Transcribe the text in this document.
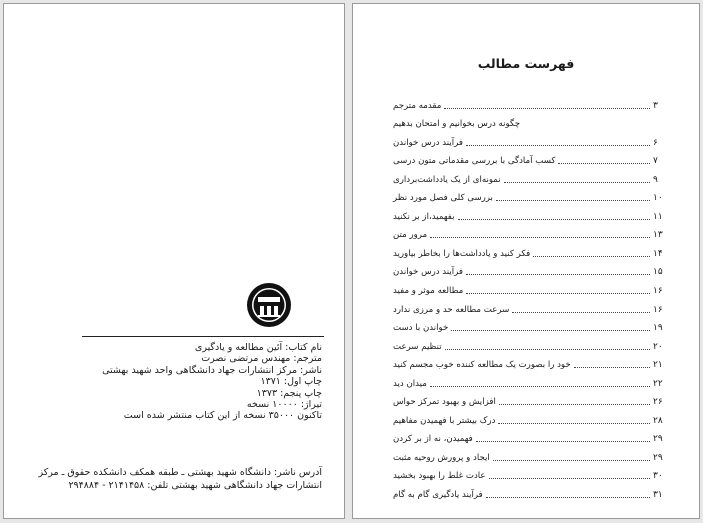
نام کتاب: آئین مطالعه و یادگیری
مترجم: مهندس مرتضی نصرت
ناشر: مرکز انتشارات جهاد دانشگاهی واحد شهید بهشتی
چاپ اول: ۱۳۷۱
چاپ پنجم: ۱۳۷۳
تیراژ: ۱۰۰۰۰ نسخه
تاکنون ۳۵۰۰۰ نسخه از این کتاب منتشر شده است
آدرس ناشر: دانشگاه شهید بهشتی ـ طبقه همکف دانشکده حقوق ـ مرکز
انتشارات جهاد دانشگاهی شهید بهشتی تلفن: ۲۱۴۱۴۵۸ - ۲۹۴۸۸۴
فهرست مطالب
مقدمه مترجم	۳
چگونه درس بخوانیم و امتحان بدهیم
فرآیند درس خواندن	۶
کسب آمادگی با بررسی مقدماتی متون درسی	۷
نمونه‌ای از یک یادداشت‌برداری	۹
بررسی کلی فصل مورد نظر	۱۰
بفهمید،از بر نکنید	۱۱
مرور متن	۱۳
فکر کنید و یادداشت‌ها را بخاطر بیاورید	۱۴
فرآیند درس خواندن	۱۵
مطالعه موثر و مفید	۱۶
سرعت مطالعه حد و مرزی ندارد	۱۶
خواندن با دست	۱۹
تنظیم سرعت	۲۰
خود را بصورت یک مطالعه کننده خوب مجسم کنید	۲۱
میدان دید	۲۲
افزایش و بهبود تمرکز حواس	۲۶
درک بیشتر با فهمیدن مفاهیم	۲۸
فهمیدن، نه از بر کردن	۲۹
ایجاد و پرورش روحیه مثبت	۲۹
عادت غلط را بهبود بخشید	۳۰
فرآیند یادگیری گام به گام	۳۱
